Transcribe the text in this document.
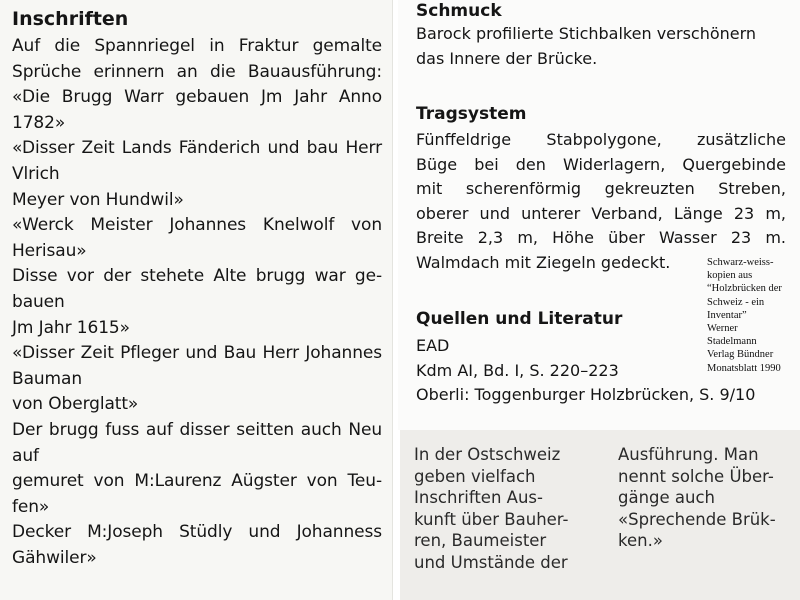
Inschriften
Auf die Spannriegel in Fraktur gemalte
Sprüche erinnern an die Bauausführung:
«Die Brugg Warr gebauen Jm Jahr Anno
1782»
«Disser Zeit Lands Fänderich und bau Herr
Vlrich
Meyer von Hundwil»
«Werck Meister Johannes Knelwolf von
Herisau»
Disse vor der stehete Alte brugg war ge-
bauen
Jm Jahr 1615»
«Disser Zeit Pfleger und Bau Herr Johannes
Bauman
von Oberglatt»
Der brugg fuss auf disser seitten auch Neu
auf
gemuret von M:Laurenz Aügster von Teu-
fen»
Decker M:Joseph Stüdly und Johanness
Gähwiler»
Schmuck
Barock profilierte Stichbalken verschönern
das Innere der Brücke.
Tragsystem
Fünffeldrige Stabpolygone, zusätzliche
Büge bei den Widerlagern, Quergebinde
mit scherenförmig gekreuzten Streben,
oberer und unterer Verband, Länge 23 m,
Breite 2,3 m, Höhe über Wasser 23 m.
Walmdach mit Ziegeln gedeckt.
Quellen und Literatur
EAD
Kdm AI, Bd. I, S. 220–223
Oberli: Toggenburger Holzbrücken, S. 9/10
Schwarz-weiss-
kopien aus
“Holzbrücken der
Schweiz - ein
Inventar”
Werner
Stadelmann
Verlag Bündner
Monatsblatt 1990
In der Ostschweiz
geben vielfach
Inschriften Aus-
kunft über Bauher-
ren, Baumeister
und Umstände der
Ausführung. Man
nennt solche Über-
gänge auch
«Sprechende Brük-
ken.»
